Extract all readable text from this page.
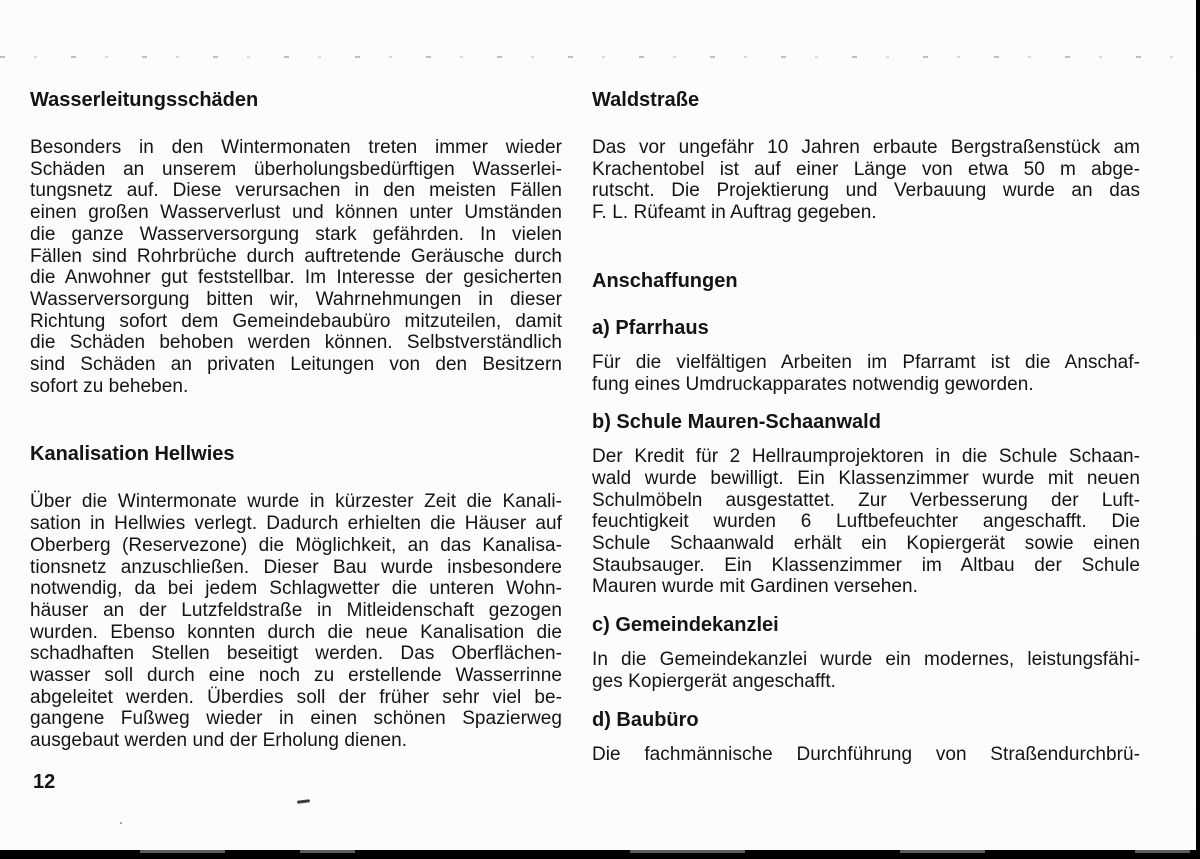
Wasserleitungsschäden
Besonders in den Wintermonaten treten immer wieder
Schäden an unserem überholungsbedürftigen Wasserlei-
tungsnetz auf. Diese verursachen in den meisten Fällen
einen großen Wasserverlust und können unter Umständen
die ganze Wasserversorgung stark gefährden. In vielen
Fällen sind Rohrbrüche durch auftretende Geräusche durch
die Anwohner gut feststellbar. Im Interesse der gesicherten
Wasserversorgung bitten wir, Wahrnehmungen in dieser
Richtung sofort dem Gemeindebaubüro mitzuteilen, damit
die Schäden behoben werden können. Selbstverständlich
sind Schäden an privaten Leitungen von den Besitzern
sofort zu beheben.
Kanalisation Hellwies
Über die Wintermonate wurde in kürzester Zeit die Kanali-
sation in Hellwies verlegt. Dadurch erhielten die Häuser auf
Oberberg (Reservezone) die Möglichkeit, an das Kanalisa-
tionsnetz anzuschließen. Dieser Bau wurde insbesondere
notwendig, da bei jedem Schlagwetter die unteren Wohn-
häuser an der Lutzfeldstraße in Mitleidenschaft gezogen
wurden. Ebenso konnten durch die neue Kanalisation die
schadhaften Stellen beseitigt werden. Das Oberflächen-
wasser soll durch eine noch zu erstellende Wasserrinne
abgeleitet werden. Überdies soll der früher sehr viel be-
gangene Fußweg wieder in einen schönen Spazierweg
ausgebaut werden und der Erholung dienen.
Waldstraße
Das vor ungefähr 10 Jahren erbaute Bergstraßenstück am
Krachentobel ist auf einer Länge von etwa 50 m abge-
rutscht. Die Projektierung und Verbauung wurde an das
F. L. Rüfeamt in Auftrag gegeben.
Anschaffungen
a) Pfarrhaus
Für die vielfältigen Arbeiten im Pfarramt ist die Anschaf-
fung eines Umdruckapparates notwendig geworden.
b) Schule Mauren-Schaanwald
Der Kredit für 2 Hellraumprojektoren in die Schule Schaan-
wald wurde bewilligt. Ein Klassenzimmer wurde mit neuen
Schulmöbeln ausgestattet. Zur Verbesserung der Luft-
feuchtigkeit wurden 6 Luftbefeuchter angeschafft. Die
Schule Schaanwald erhält ein Kopiergerät sowie einen
Staubsauger. Ein Klassenzimmer im Altbau der Schule
Mauren wurde mit Gardinen versehen.
c) Gemeindekanzlei
In die Gemeindekanzlei wurde ein modernes, leistungsfähi-
ges Kopiergerät angeschafft.
d) Baubüro
Die fachmännische Durchführung von Straßendurchbrü-
12
